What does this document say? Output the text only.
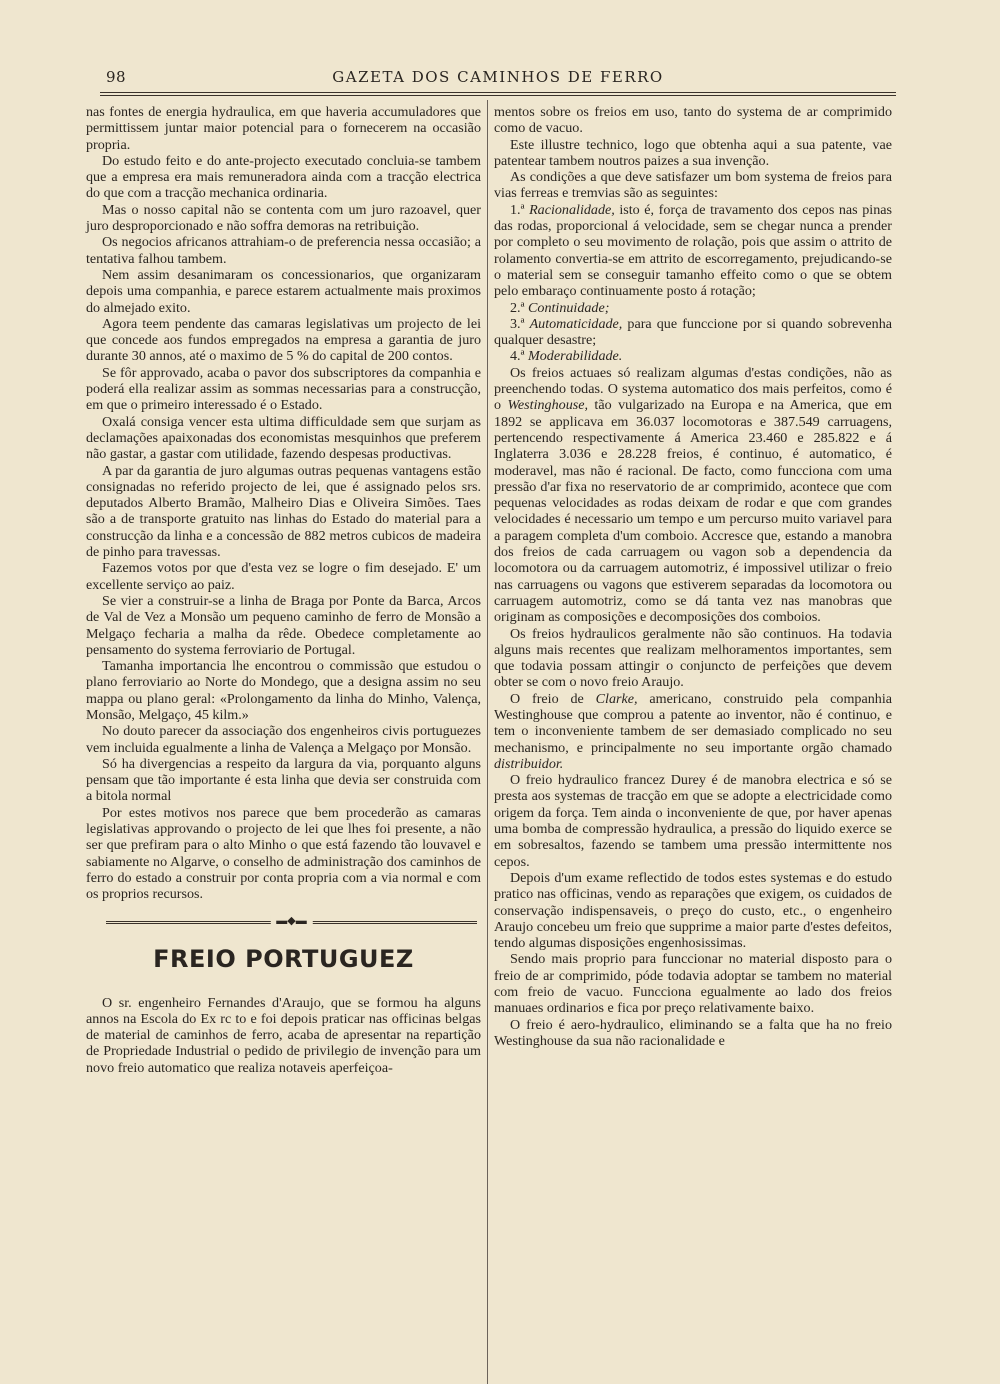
98	GAZETA DOS CAMINHOS DE FERRO

nas fontes de energia hydraulica, em que haveria accumuladores que permittissem juntar maior potencial para o fornecerem na occasião propria.

Do estudo feito e do ante-projecto executado concluia-se tambem que a empresa era mais remuneradora ainda com a tracção electrica do que com a tracção mechanica ordinaria.

Mas o nosso capital não se contenta com um juro razoavel, quer juro desproporcionado e não soffra demoras na retribuição.

Os negocios africanos attrahiam-o de preferencia nessa occasião; a tentativa falhou tambem.

Nem assim desanimaram os concessionarios, que organizaram depois uma companhia, e parece estarem actualmente mais proximos do almejado exito.

Agora teem pendente das camaras legislativas um projecto de lei que concede aos fundos empregados na empresa a garantia de juro durante 30 annos, até o maximo de 5 % do capital de 200 contos.

Se fôr approvado, acaba o pavor dos subscriptores da companhia e poderá ella realizar assim as sommas necessarias para a construcção, em que o primeiro interessado é o Estado.

Oxalá consiga vencer esta ultima difficuldade sem que surjam as declamações apaixonadas dos economistas mesquinhos que preferem não gastar, a gastar com utilidade, fazendo despesas productivas.

A par da garantia de juro algumas outras pequenas vantagens estão consignadas no referido projecto de lei, que é assignado pelos srs. deputados Alberto Bramão, Malheiro Dias e Oliveira Simões. Taes são a de transporte gratuito nas linhas do Estado do material para a construcção da linha e a concessão de 882 metros cubicos de madeira de pinho para travessas.

Fazemos votos por que d'esta vez se logre o fim desejado. E' um excellente serviço ao paiz.

Se vier a construir-se a linha de Braga por Ponte da Barca, Arcos de Val de Vez a Monsão um pequeno caminho de ferro de Monsão a Melgaço fecharia a malha da rêde. Obedece completamente ao pensamento do systema ferroviario de Portugal.

Tamanha importancia lhe encontrou o commissão que estudou o plano ferroviario ao Norte do Mondego, que a designa assim no seu mappa ou plano geral: «Prolongamento da linha do Minho, Valença, Monsão, Melgaço, 45 kilm.»

No douto parecer da associação dos engenheiros civis portuguezes vem incluida egualmente a linha de Valença a Melgaço por Monsão.

Só ha divergencias a respeito da largura da via, porquanto alguns pensam que tão importante é esta linha que devia ser construida com a bitola normal

Por estes motivos nos parece que bem procederão as camaras legislativas approvando o projecto de lei que lhes foi presente, a não ser que prefiram para o alto Minho o que está fazendo tão louvavel e sabiamente no Algarve, o conselho de administração dos caminhos de ferro do estado a construir por conta propria com a via normal e com os proprios recursos.

▬◆▬
FREIO PORTUGUEZ

O sr. engenheiro Fernandes d'Araujo, que se formou ha alguns annos na Escola do Ex rc to e foi depois praticar nas officinas belgas de material de caminhos de ferro, acaba de apresentar na repartição de Propriedade Industrial o pedido de privilegio de invenção para um novo freio automatico que realiza notaveis aperfeiçoa-

mentos sobre os freios em uso, tanto do systema de ar comprimido como de vacuo.

Este illustre technico, logo que obtenha aqui a sua patente, vae patentear tambem noutros paizes a sua invenção.

As condições a que deve satisfazer um bom systema de freios para vias ferreas e tremvias são as seguintes:

1.ª Racionalidade, isto é, força de travamento dos cepos nas pinas das rodas, proporcional á velocidade, sem se chegar nunca a prender por completo o seu movimento de rolação, pois que assim o attrito de rolamento convertia-se em attrito de escorregamento, prejudicando-se o material sem se conseguir tamanho effeito como o que se obtem pelo embaraço continuamente posto á rotação;

2.ª Continuidade;

3.ª Automaticidade, para que funccione por si quando sobrevenha qualquer desastre;

4.ª Moderabilidade.

Os freios actuaes só realizam algumas d'estas condições, não as preenchendo todas. O systema automatico dos mais perfeitos, como é o Westinghouse, tão vulgarizado na Europa e na America, que em 1892 se applicava em 36.037 locomotoras e 387.549 carruagens, pertencendo respectivamente á America 23.460 e 285.822 e á Inglaterra 3.036 e 28.228 freios, é continuo, é automatico, é moderavel, mas não é racional. De facto, como funcciona com uma pressão d'ar fixa no reservatorio de ar comprimido, acontece que com pequenas velocidades as rodas deixam de rodar e que com grandes velocidades é necessario um tempo e um percurso muito variavel para a paragem completa d'um comboio. Accresce que, estando a manobra dos freios de cada carruagem ou vagon sob a dependencia da locomotora ou da carruagem automotriz, é impossivel utilizar o freio nas carruagens ou vagons que estiverem separadas da locomotora ou carruagem automotriz, como se dá tanta vez nas manobras que originam as composições e decomposições dos comboios.

Os freios hydraulicos geralmente não são continuos. Ha todavia alguns mais recentes que realizam melhoramentos importantes, sem que todavia possam attingir o conjuncto de perfeições que devem obter se com o novo freio Araujo.

O freio de Clarke, americano, construido pela companhia Westinghouse que comprou a patente ao inventor, não é continuo, e tem o inconveniente tambem de ser demasiado complicado no seu mechanismo, e principalmente no seu importante orgão chamado distribuidor.

O freio hydraulico francez Durey é de manobra electrica e só se presta aos systemas de tracção em que se adopte a electricidade como origem da força. Tem ainda o inconveniente de que, por haver apenas uma bomba de compressão hydraulica, a pressão do liquido exerce se em sobresaltos, fazendo se tambem uma pressão intermittente nos cepos.

Depois d'um exame reflectido de todos estes systemas e do estudo pratico nas officinas, vendo as reparações que exigem, os cuidados de conservação indispensaveis, o preço do custo, etc., o engenheiro Araujo concebeu um freio que supprime a maior parte d'estes defeitos, tendo algumas disposições engenhosissimas.

Sendo mais proprio para funccionar no material disposto para o freio de ar comprimido, póde todavia adoptar se tambem no material com freio de vacuo. Funcciona egualmente ao lado dos freios manuaes ordinarios e fica por preço relativamente baixo.

O freio é aero-hydraulico, eliminando se a falta que ha no freio Westinghouse da sua não racionalidade e
